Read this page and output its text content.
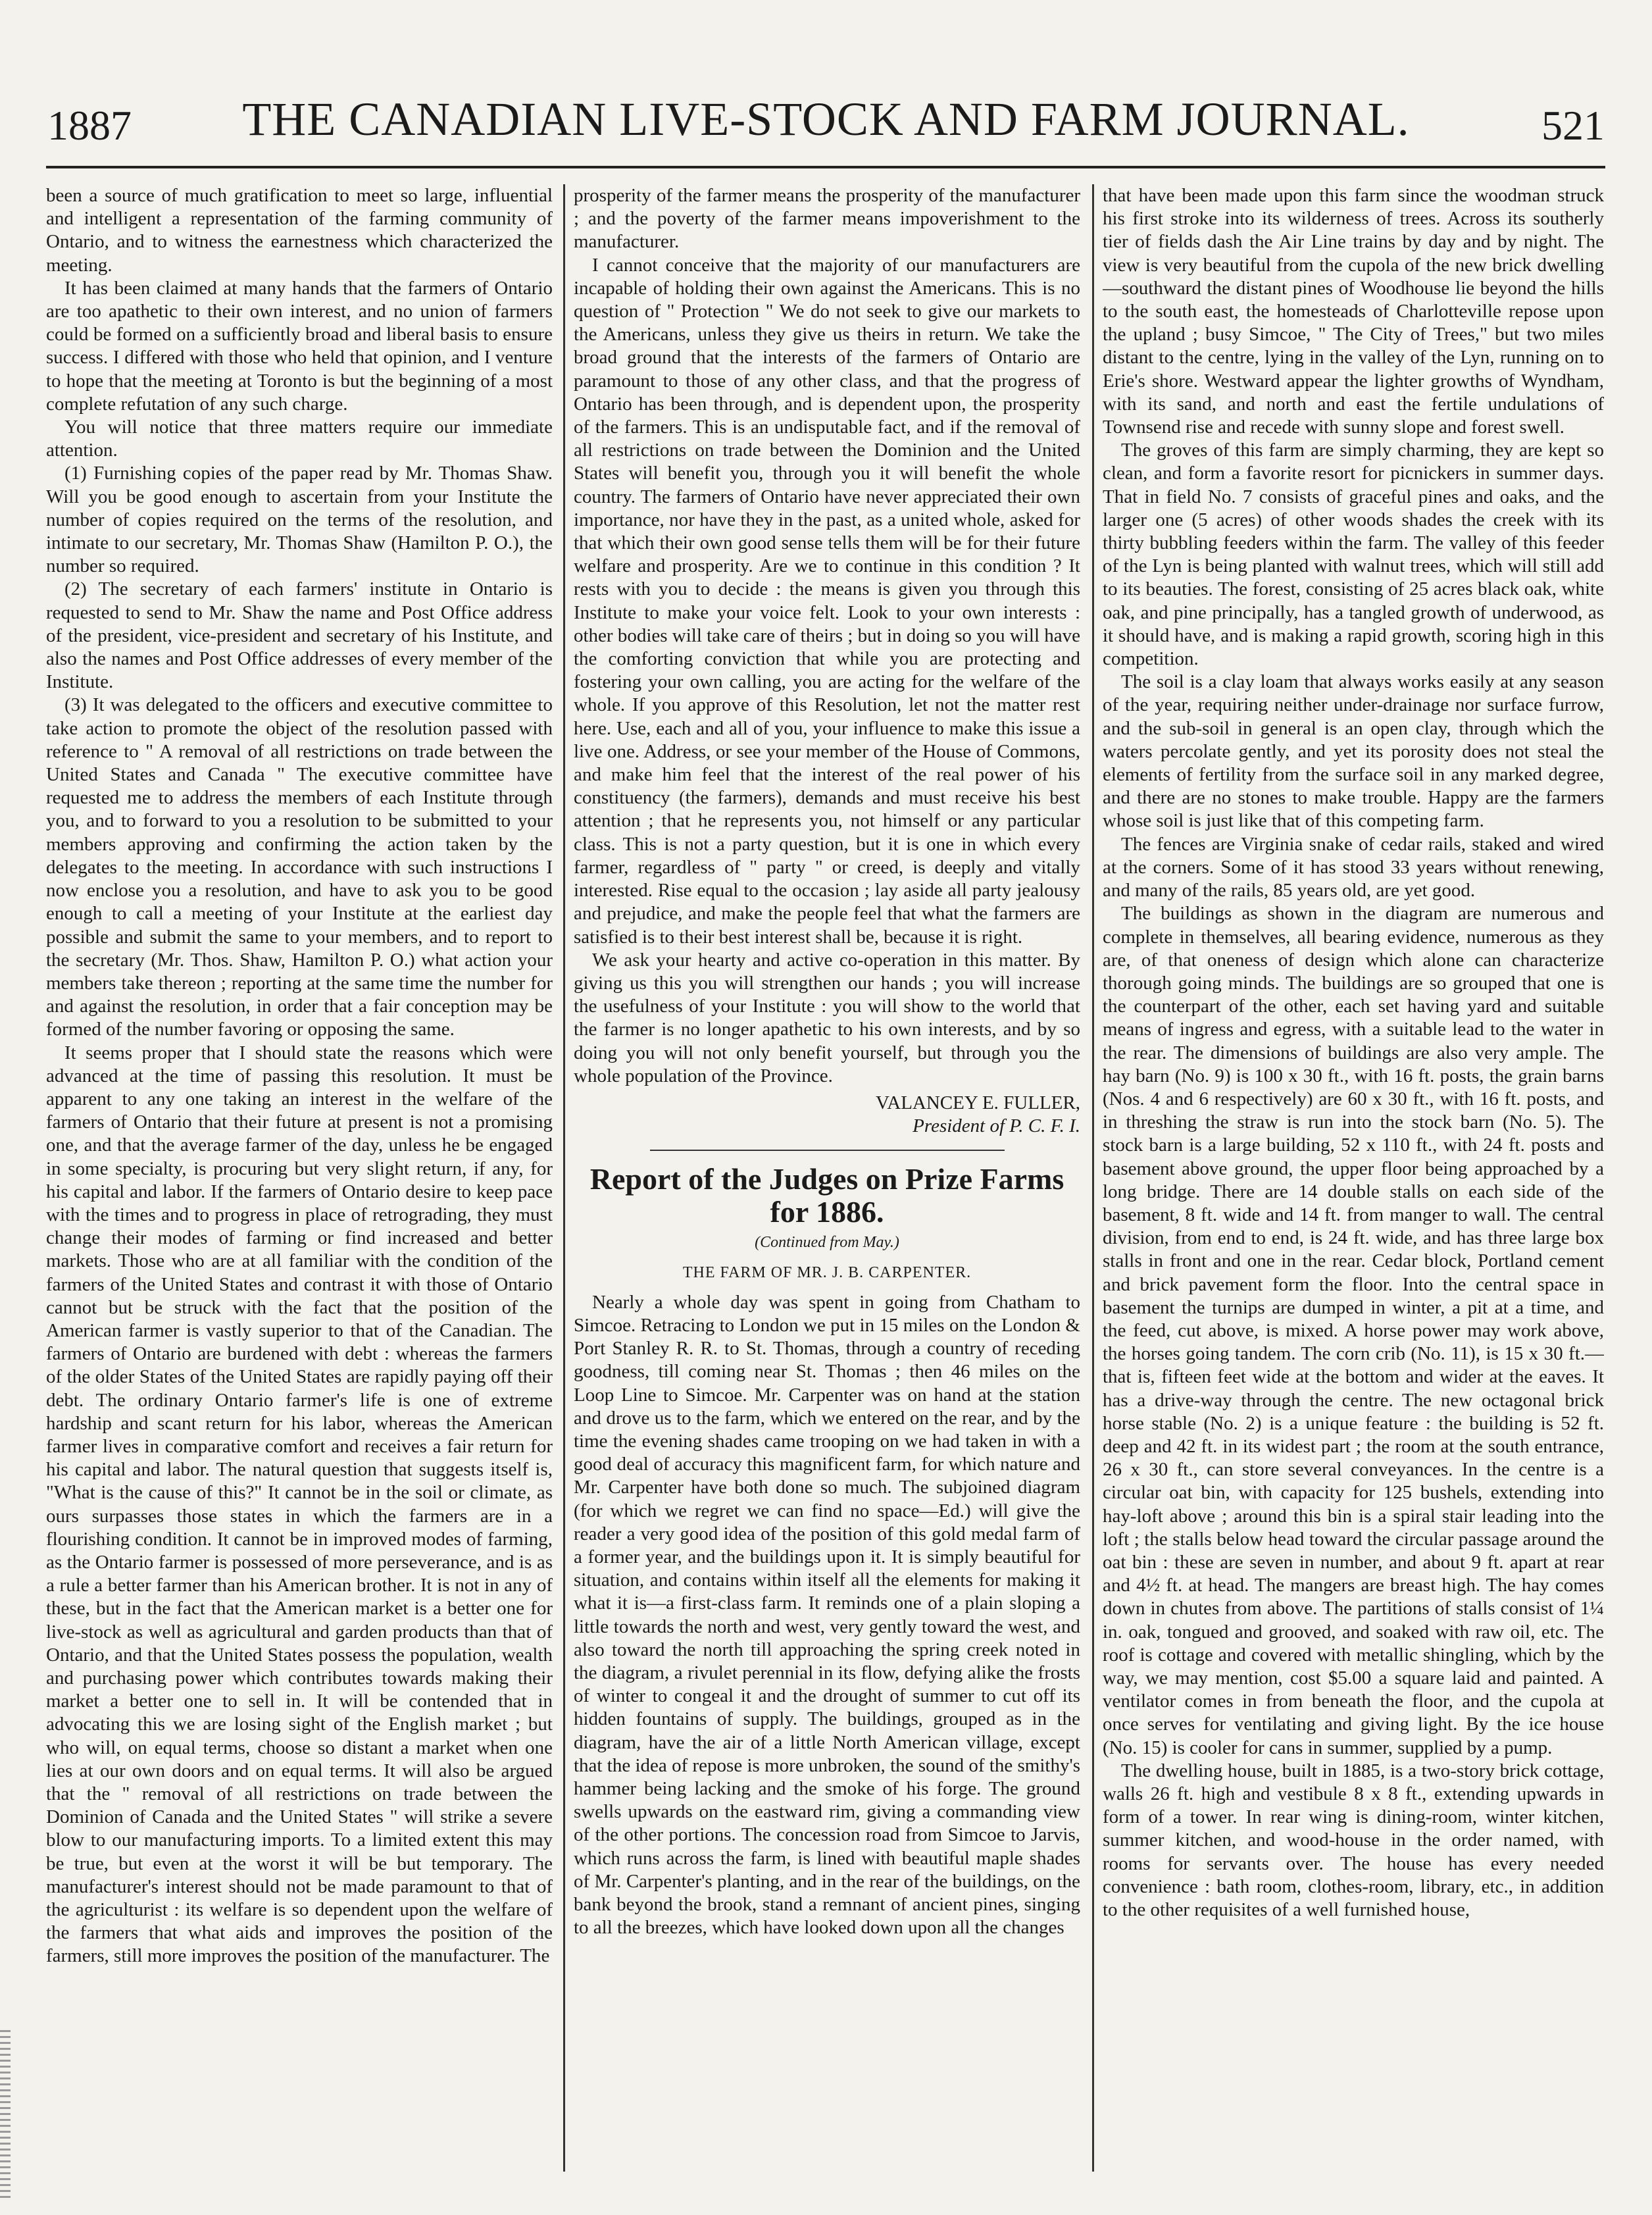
1887	THE CANADIAN LIVE-STOCK AND FARM JOURNAL.	521

been a source of much gratification to meet so large, influential and intelligent a representation of the farming community of Ontario, and to witness the earnestness which characterized the meeting.

It has been claimed at many hands that the farmers of Ontario are too apathetic to their own interest, and no union of farmers could be formed on a sufficiently broad and liberal basis to ensure success. I differed with those who held that opinion, and I venture to hope that the meeting at Toronto is but the beginning of a most complete refutation of any such charge.

You will notice that three matters require our immediate attention.

(1) Furnishing copies of the paper read by Mr. Thomas Shaw. Will you be good enough to ascertain from your Institute the number of copies required on the terms of the resolution, and intimate to our secretary, Mr. Thomas Shaw (Hamilton P. O.), the number so required.

(2) The secretary of each farmers' institute in Ontario is requested to send to Mr. Shaw the name and Post Office address of the president, vice-president and secretary of his Institute, and also the names and Post Office addresses of every member of the Institute.

(3) It was delegated to the officers and executive committee to take action to promote the object of the resolution passed with reference to " A removal of all restrictions on trade between the United States and Canada " The executive committee have requested me to address the members of each Institute through you, and to forward to you a resolution to be submitted to your members approving and confirming the action taken by the delegates to the meeting. In accordance with such instructions I now enclose you a resolution, and have to ask you to be good enough to call a meeting of your Institute at the earliest day possible and submit the same to your members, and to report to the secretary (Mr. Thos. Shaw, Hamilton P. O.) what action your members take thereon ; reporting at the same time the number for and against the resolution, in order that a fair conception may be formed of the number favoring or opposing the same.

It seems proper that I should state the reasons which were advanced at the time of passing this resolution. It must be apparent to any one taking an interest in the welfare of the farmers of Ontario that their future at present is not a promising one, and that the average farmer of the day, unless he be engaged in some specialty, is procuring but very slight return, if any, for his capital and labor. If the farmers of Ontario desire to keep pace with the times and to progress in place of retrograding, they must change their modes of farming or find increased and better markets. Those who are at all familiar with the condition of the farmers of the United States and contrast it with those of Ontario cannot but be struck with the fact that the position of the American farmer is vastly superior to that of the Canadian. The farmers of Ontario are burdened with debt : whereas the farmers of the older States of the United States are rapidly paying off their debt. The ordinary Ontario farmer's life is one of extreme hardship and scant return for his labor, whereas the American farmer lives in comparative comfort and receives a fair return for his capital and labor. The natural question that suggests itself is, "What is the cause of this?" It cannot be in the soil or climate, as ours surpasses those states in which the farmers are in a flourishing condition. It cannot be in improved modes of farming, as the Ontario farmer is possessed of more perseverance, and is as a rule a better farmer than his American brother. It is not in any of these, but in the fact that the American market is a better one for live-stock as well as agricultural and garden products than that of Ontario, and that the United States possess the population, wealth and purchasing power which contributes towards making their market a better one to sell in. It will be contended that in advocating this we are losing sight of the English market ; but who will, on equal terms, choose so distant a market when one lies at our own doors and on equal terms. It will also be argued that the " removal of all restrictions on trade between the Dominion of Canada and the United States " will strike a severe blow to our manufacturing imports. To a limited extent this may be true, but even at the worst it will be but temporary. The manufacturer's interest should not be made paramount to that of the agriculturist : its welfare is so dependent upon the welfare of the farmers that what aids and improves the position of the farmers, still more improves the position of the manufacturer. The

prosperity of the farmer means the prosperity of the manufacturer ; and the poverty of the farmer means impoverishment to the manufacturer.

I cannot conceive that the majority of our manufacturers are incapable of holding their own against the Americans. This is no question of " Protection " We do not seek to give our markets to the Americans, unless they give us theirs in return. We take the broad ground that the interests of the farmers of Ontario are paramount to those of any other class, and that the progress of Ontario has been through, and is dependent upon, the prosperity of the farmers. This is an undisputable fact, and if the removal of all restrictions on trade between the Dominion and the United States will benefit you, through you it will benefit the whole country. The farmers of Ontario have never appreciated their own importance, nor have they in the past, as a united whole, asked for that which their own good sense tells them will be for their future welfare and prosperity. Are we to continue in this condition ? It rests with you to decide : the means is given you through this Institute to make your voice felt. Look to your own interests : other bodies will take care of theirs ; but in doing so you will have the comforting conviction that while you are protecting and fostering your own calling, you are acting for the welfare of the whole. If you approve of this Resolution, let not the matter rest here. Use, each and all of you, your influence to make this issue a live one. Address, or see your member of the House of Commons, and make him feel that the interest of the real power of his constituency (the farmers), demands and must receive his best attention ; that he represents you, not himself or any particular class. This is not a party question, but it is one in which every farmer, regardless of " party " or creed, is deeply and vitally interested. Rise equal to the occasion ; lay aside all party jealousy and prejudice, and make the people feel that what the farmers are satisfied is to their best interest shall be, because it is right.

We ask your hearty and active co-operation in this matter. By giving us this you will strengthen our hands ; you will increase the usefulness of your Institute : you will show to the world that the farmer is no longer apathetic to his own interests, and by so doing you will not only benefit yourself, but through you the whole population of the Province.

VALANCEY E. FULLER,
President of P. C. F. I.
Report of the Judges on Prize Farms for 1886.
(Continued from May.)
THE FARM OF MR. J. B. CARPENTER.

Nearly a whole day was spent in going from Chatham to Simcoe. Retracing to London we put in 15 miles on the London & Port Stanley R. R. to St. Thomas, through a country of receding goodness, till coming near St. Thomas ; then 46 miles on the Loop Line to Simcoe. Mr. Carpenter was on hand at the station and drove us to the farm, which we entered on the rear, and by the time the evening shades came trooping on we had taken in with a good deal of accuracy this magnificent farm, for which nature and Mr. Carpenter have both done so much. The subjoined diagram (for which we regret we can find no space—Ed.) will give the reader a very good idea of the position of this gold medal farm of a former year, and the buildings upon it. It is simply beautiful for situation, and contains within itself all the elements for making it what it is—a first-class farm. It reminds one of a plain sloping a little towards the north and west, very gently toward the west, and also toward the north till approaching the spring creek noted in the diagram, a rivulet perennial in its flow, defying alike the frosts of winter to congeal it and the drought of summer to cut off its hidden fountains of supply. The buildings, grouped as in the diagram, have the air of a little North American village, except that the idea of repose is more unbroken, the sound of the smithy's hammer being lacking and the smoke of his forge. The ground swells upwards on the eastward rim, giving a commanding view of the other portions. The concession road from Simcoe to Jarvis, which runs across the farm, is lined with beautiful maple shades of Mr. Carpenter's planting, and in the rear of the buildings, on the bank beyond the brook, stand a remnant of ancient pines, singing to all the breezes, which have looked down upon all the changes

that have been made upon this farm since the woodman struck his first stroke into its wilderness of trees. Across its southerly tier of fields dash the Air Line trains by day and by night. The view is very beautiful from the cupola of the new brick dwelling—southward the distant pines of Woodhouse lie beyond the hills to the south east, the homesteads of Charlotteville repose upon the upland ; busy Simcoe, " The City of Trees," but two miles distant to the centre, lying in the valley of the Lyn, running on to Erie's shore. Westward appear the lighter growths of Wyndham, with its sand, and north and east the fertile undulations of Townsend rise and recede with sunny slope and forest swell.

The groves of this farm are simply charming, they are kept so clean, and form a favorite resort for picnickers in summer days. That in field No. 7 consists of graceful pines and oaks, and the larger one (5 acres) of other woods shades the creek with its thirty bubbling feeders within the farm. The valley of this feeder of the Lyn is being planted with walnut trees, which will still add to its beauties. The forest, consisting of 25 acres black oak, white oak, and pine principally, has a tangled growth of underwood, as it should have, and is making a rapid growth, scoring high in this competition.

The soil is a clay loam that always works easily at any season of the year, requiring neither under-drainage nor surface furrow, and the sub-soil in general is an open clay, through which the waters percolate gently, and yet its porosity does not steal the elements of fertility from the surface soil in any marked degree, and there are no stones to make trouble. Happy are the farmers whose soil is just like that of this competing farm.

The fences are Virginia snake of cedar rails, staked and wired at the corners. Some of it has stood 33 years without renewing, and many of the rails, 85 years old, are yet good.

The buildings as shown in the diagram are numerous and complete in themselves, all bearing evidence, numerous as they are, of that oneness of design which alone can characterize thorough going minds. The buildings are so grouped that one is the counterpart of the other, each set having yard and suitable means of ingress and egress, with a suitable lead to the water in the rear. The dimensions of buildings are also very ample. The hay barn (No. 9) is 100 x 30 ft., with 16 ft. posts, the grain barns (Nos. 4 and 6 respectively) are 60 x 30 ft., with 16 ft. posts, and in threshing the straw is run into the stock barn (No. 5). The stock barn is a large building, 52 x 110 ft., with 24 ft. posts and basement above ground, the upper floor being approached by a long bridge. There are 14 double stalls on each side of the basement, 8 ft. wide and 14 ft. from manger to wall. The central division, from end to end, is 24 ft. wide, and has three large box stalls in front and one in the rear. Cedar block, Portland cement and brick pavement form the floor. Into the central space in basement the turnips are dumped in winter, a pit at a time, and the feed, cut above, is mixed. A horse power may work above, the horses going tandem. The corn crib (No. 11), is 15 x 30 ft.—that is, fifteen feet wide at the bottom and wider at the eaves. It has a drive-way through the centre. The new octagonal brick horse stable (No. 2) is a unique feature : the building is 52 ft. deep and 42 ft. in its widest part ; the room at the south entrance, 26 x 30 ft., can store several conveyances. In the centre is a circular oat bin, with capacity for 125 bushels, extending into hay-loft above ; around this bin is a spiral stair leading into the loft ; the stalls below head toward the circular passage around the oat bin : these are seven in number, and about 9 ft. apart at rear and 4½ ft. at head. The mangers are breast high. The hay comes down in chutes from above. The partitions of stalls consist of 1¼ in. oak, tongued and grooved, and soaked with raw oil, etc. The roof is cottage and covered with metallic shingling, which by the way, we may mention, cost $5.00 a square laid and painted. A ventilator comes in from beneath the floor, and the cupola at once serves for ventilating and giving light. By the ice house (No. 15) is cooler for cans in summer, supplied by a pump.

The dwelling house, built in 1885, is a two-story brick cottage, walls 26 ft. high and vestibule 8 x 8 ft., extending upwards in form of a tower. In rear wing is dining-room, winter kitchen, summer kitchen, and wood-house in the order named, with rooms for servants over. The house has every needed convenience : bath room, clothes-room, library, etc., in addition to the other requisites of a well furnished house,
